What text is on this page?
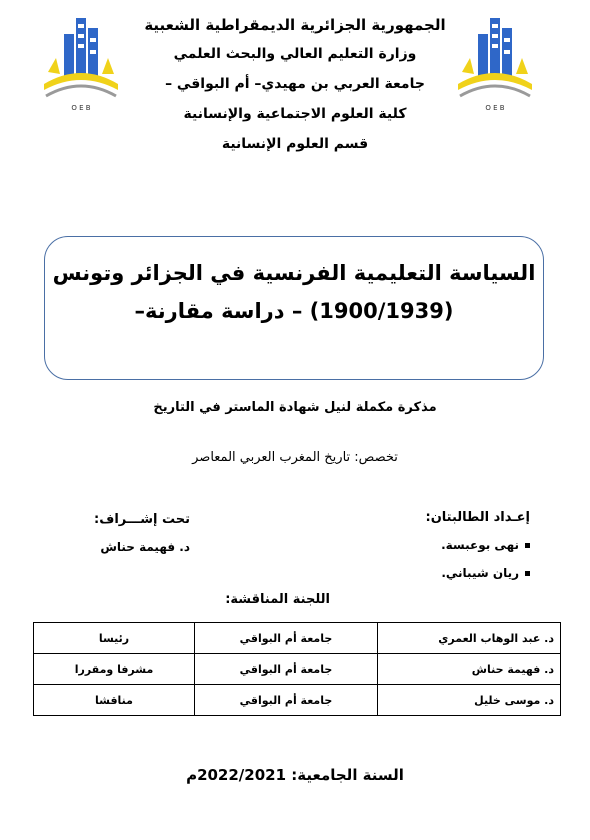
O E B	O E B
الجمهورية الجزائرية الديمقراطية الشعبية
وزارة التعليم العالي والبحث العلمي
جامعة العربي بن مهيدي– أم البواقي –
كلية العلوم الاجتماعية والإنسانية
قسم العلوم الإنسانية
السياسة التعليمية الفرنسية في الجزائر وتونس
(1900/1939) – دراسة مقارنة–
مذكرة مكملة لنيل شهادة الماستر في التاريخ
تخصص: تاريخ المغرب العربي المعاصر
إعـداد الطالبتان:
نهى بوعبسة.
ريان شيباني.
تحت إشـــراف:
د. فهيمة حناش
اللجنة المناقشة:
د. عبد الوهاب العمري	جامعة أم البواقي	رئيسا
د. فهيمة حناش	جامعة أم البواقي	مشرفا ومقررا
د. موسى خليل	جامعة أم البواقي	مناقشا
السنة الجامعية: 2022/2021م
